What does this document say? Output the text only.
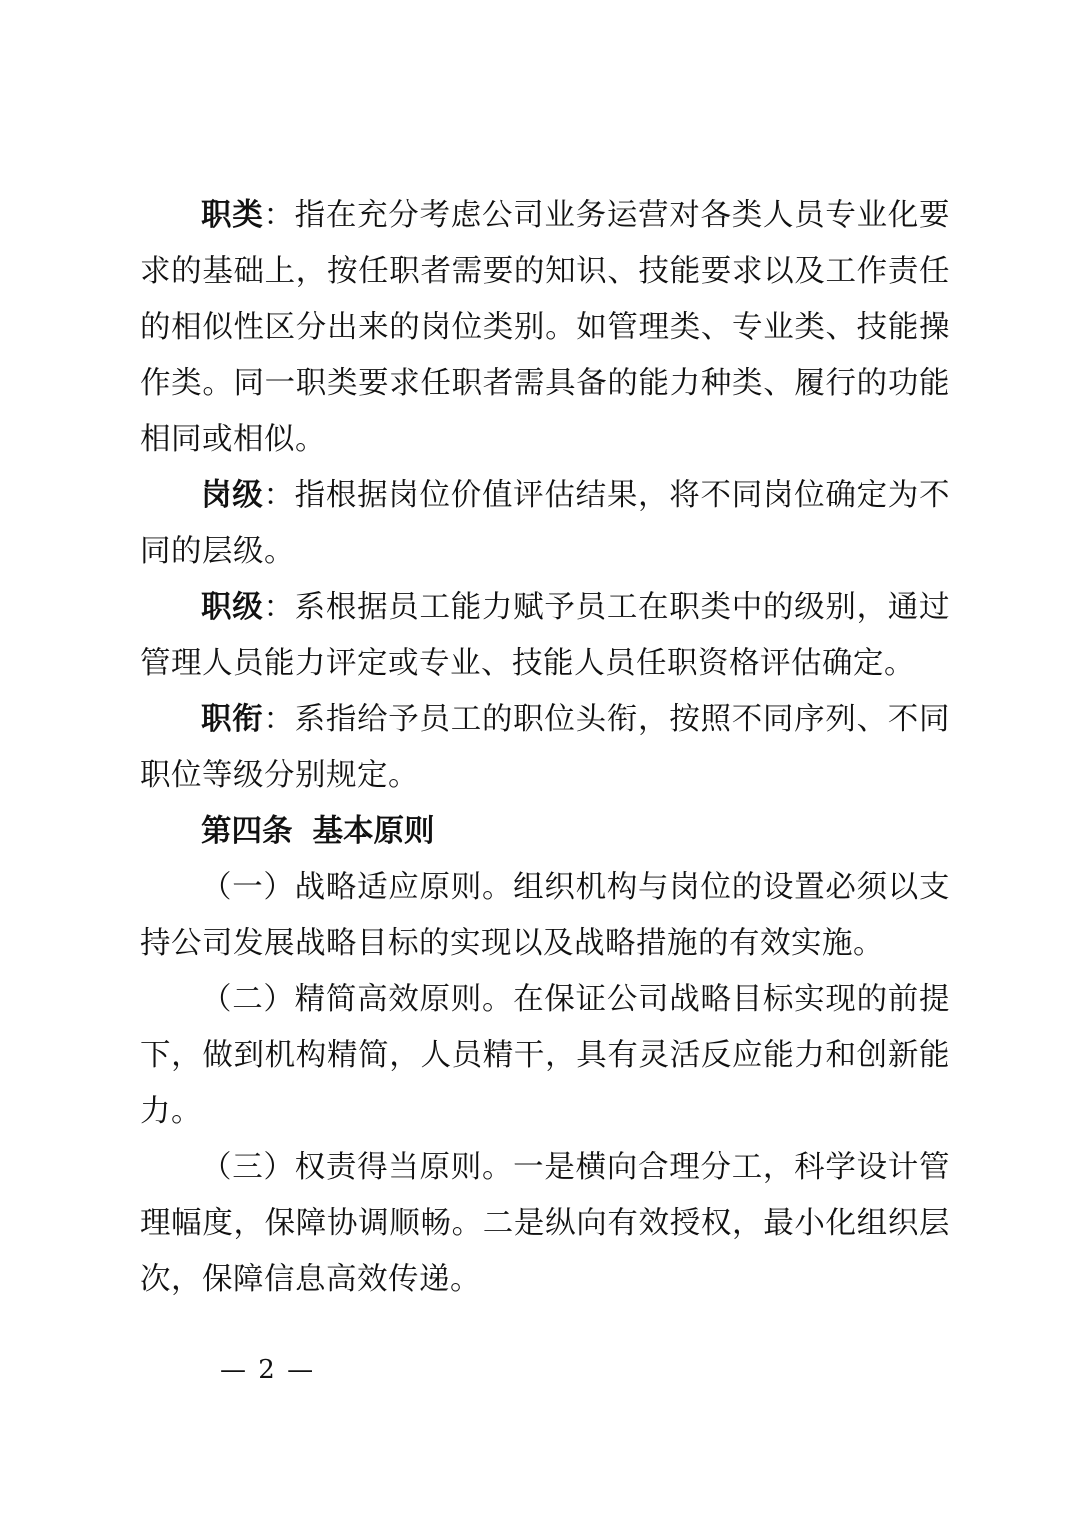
职类：指在充分考虑公司业务运营对各类人员专业化要求的基础上，按任职者需要的知识、技能要求以及工作责任的相似性区分出来的岗位类别。如管理类、专业类、技能操作类。同一职类要求任职者需具备的能力种类、履行的功能相同或相似。

岗级：指根据岗位价值评估结果，将不同岗位确定为不同的层级。

职级：系根据员工能力赋予员工在职类中的级别，通过管理人员能力评定或专业、技能人员任职资格评估确定。

职衔：系指给予员工的职位头衔，按照不同序列、不同职位等级分别规定。

第四条 基本原则

（一）战略适应原则。组织机构与岗位的设置必须以支持公司发展战略目标的实现以及战略措施的有效实施。

（二）精简高效原则。在保证公司战略目标实现的前提下，做到机构精简，人员精干，具有灵活反应能力和创新能力。

（三）权责得当原则。一是横向合理分工，科学设计管理幅度，保障协调顺畅。二是纵向有效授权，最小化组织层次，保障信息高效传递。

— 2 —
